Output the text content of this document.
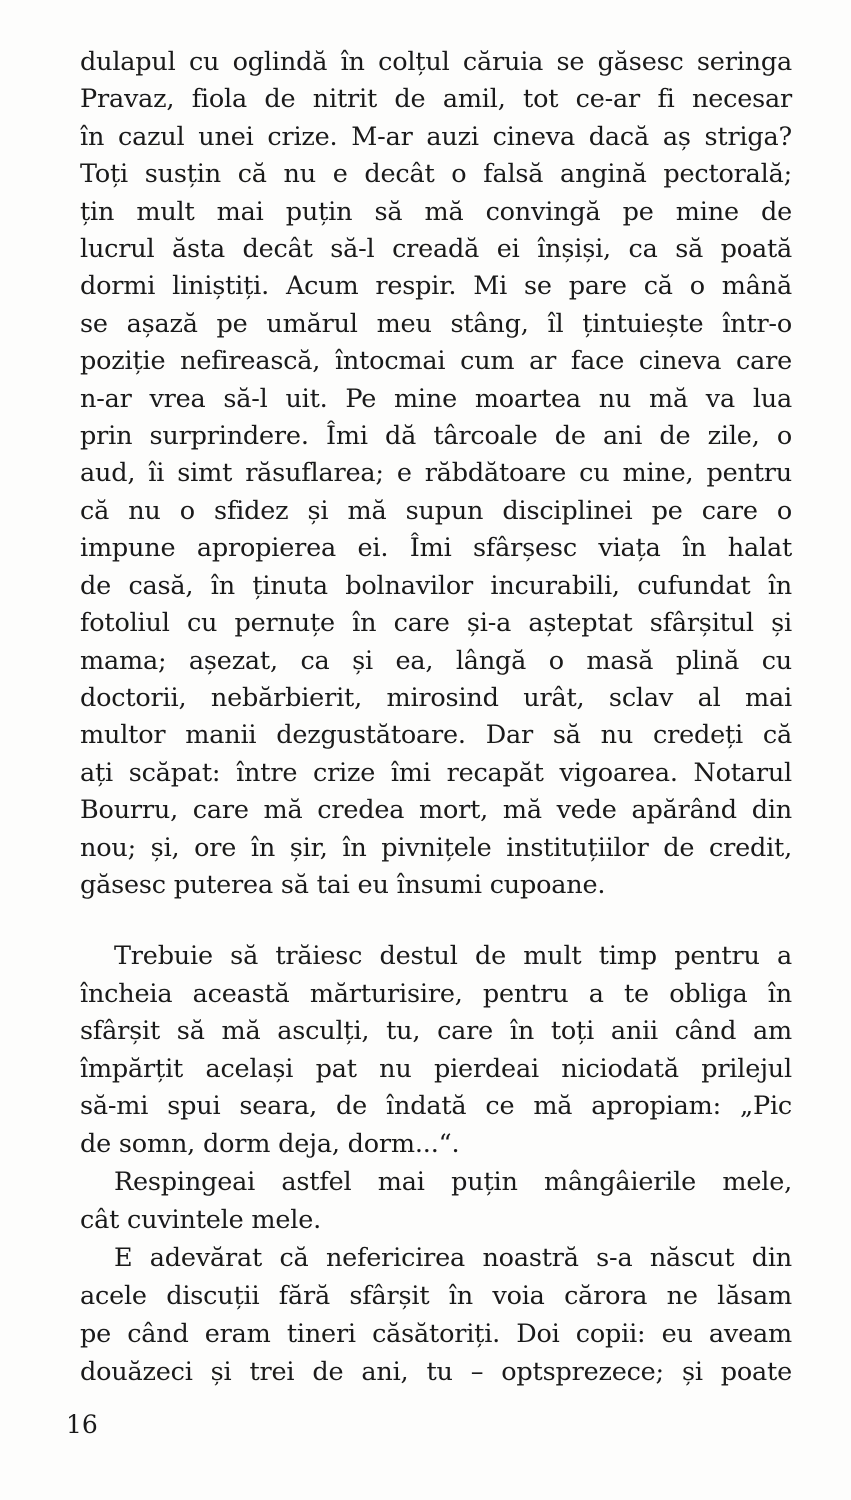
dulapul cu oglindă în colțul căruia se găsesc seringa
Pravaz, fiola de nitrit de amil, tot ce-ar fi necesar
în cazul unei crize. M-ar auzi cineva dacă aș striga?
Toți susțin că nu e decât o falsă angină pectorală;
țin mult mai puțin să mă convingă pe mine de
lucrul ăsta decât să-l creadă ei înșiși, ca să poată
dormi liniștiți. Acum respir. Mi se pare că o mână
se așază pe umărul meu stâng, îl țintuiește într-o
poziție nefirească, întocmai cum ar face cineva care
n-ar vrea să-l uit. Pe mine moartea nu mă va lua
prin surprindere. Îmi dă târcoale de ani de zile, o
aud, îi simt răsuflarea; e răbdătoare cu mine, pentru
că nu o sfidez și mă supun disciplinei pe care o
impune apropierea ei. Îmi sfârșesc viața în halat
de casă, în ținuta bolnavilor incurabili, cufundat în
fotoliul cu pernuțe în care și-a așteptat sfârșitul și
mama; așezat, ca și ea, lângă o masă plină cu
doctorii, nebărbierit, mirosind urât, sclav al mai
multor manii dezgustătoare. Dar să nu credeți că
ați scăpat: între crize îmi recapăt vigoarea. Notarul
Bourru, care mă credea mort, mă vede apărând din
nou; și, ore în șir, în pivnițele instituțiilor de credit,
găsesc puterea să tai eu însumi cupoane.
Trebuie să trăiesc destul de mult timp pentru a
încheia această mărturisire, pentru a te obliga în
sfârșit să mă asculți, tu, care în toți anii când am
împărțit același pat nu pierdeai niciodată prilejul
să-mi spui seara, de îndată ce mă apropiam: „Pic
de somn, dorm deja, dorm...“.
Respingeai astfel mai puțin mângâierile mele,
cât cuvintele mele.
E adevărat că nefericirea noastră s-a născut din
acele discuții fără sfârșit în voia cărora ne lăsam
pe când eram tineri căsătoriți. Doi copii: eu aveam
douăzeci și trei de ani, tu – optsprezece; și poate
16
